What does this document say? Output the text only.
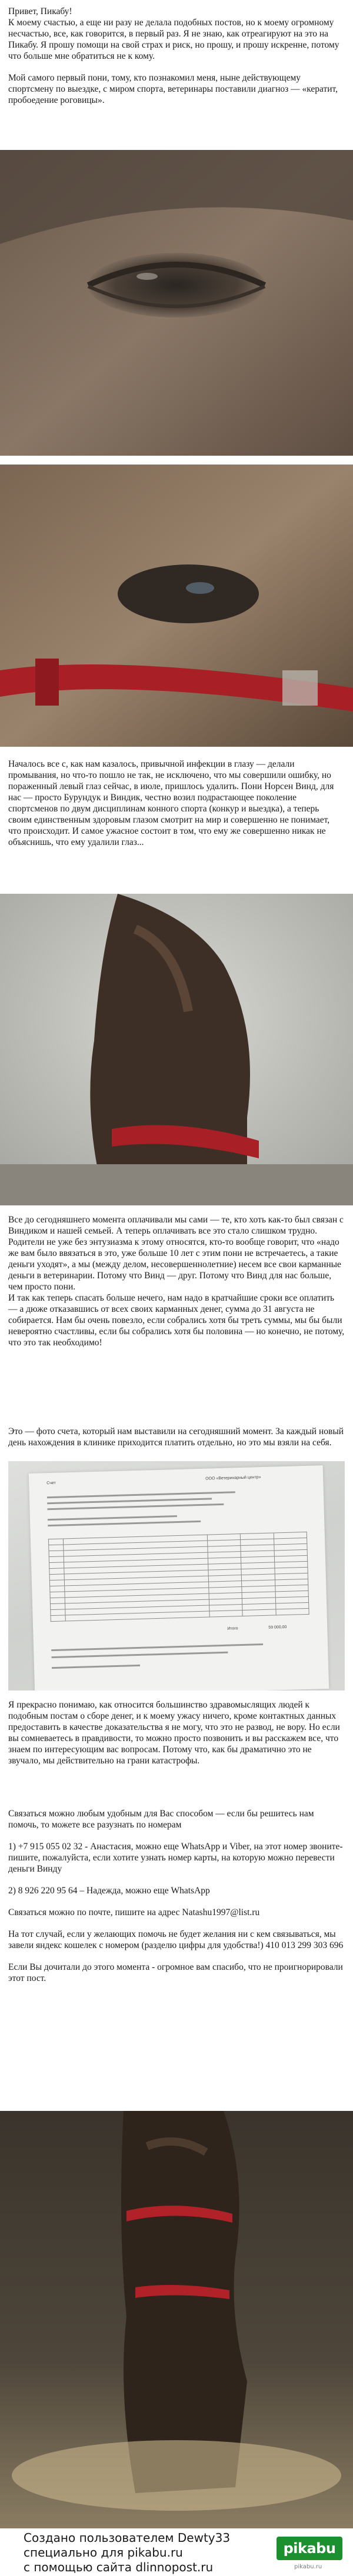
Привет, Пикабу!

К моему счастью, а еще ни разу не делала подобных постов, но к моему огромному несчастью, все, как говорится, в первый раз. Я не знаю, как отреагируют на это на Пикабу. Я прошу помощи на свой страх и риск, но прошу, и прошу искренне, потому что больше мне обратиться не к кому.

Мой самого первый пони, тому, кто познакомил меня, ныне действующему спортсмену по выездке, с миром спорта, ветеринары поставили диагноз — «кератит, пробоедение роговицы».

Началось все с, как нам казалось, привычной инфекции в глазу — делали промывания, но что-то пошло не так, не исключено, что мы совершили ошибку, но пораженный левый глаз сейчас, в июле, пришлось удалить. Пони Норсен Винд, для нас — просто Бурундук и Виндик, честно возил подрастающее поколение спортсменов по двум дисциплинам конного спорта (конкур и выездка), а теперь своим единственным здоровым глазом смотрит на мир и совершенно не понимает, что происходит. И самое ужасное состоит в том, что ему же совершенно никак не объяснишь, что ему удалили глаз...

Все до сегодняшнего момента оплачивали мы сами — те, кто хоть как-то был связан с Виндиком и нашей семьей. А теперь оплачивать все это стало слишком трудно. Родители не уже без энтузиазма к этому относятся, кто-то вообще говорит, что «надо же вам было ввязаться в это, уже больше 10 лет с этим пони не встречаетесь, а такие деньги уходят», а мы (между делом, несовершеннолетние) несем все свои карманные деньги в ветеринарии. Потому что Винд — друг. Потому что Винд для нас больше, чем просто пони.

И так как теперь спасать больше нечего, нам надо в кратчайшие сроки все оплатить — а дюже отказавшись от всех своих карманных денег, сумма до 31 августа не собирается. Нам бы очень повезло, если собрались хотя бы треть суммы, мы бы были невероятно счастливы, если бы собрались хотя бы половина — но конечно, не потому, что это так необходимо!

Это — фото счета, который нам выставили на сегодняшний момент. За каждый новый день нахождения в клинике приходится платить отдельно, но это мы взяли на себя.

Счет
ООО «Ветеринарный центр»

Итого	59 000,00

Я прекрасно понимаю, как относится большинство здравомыслящих людей к подобным постам о сборе денег, и к моему ужасу ничего, кроме контактных данных предоставить в качестве доказательства я не могу, что это не развод, не вору. Но если вы сомневаетесь в правдивости, то можно просто позвонить и вы расскажем все, что знаем по интересующим вас вопросам. Потому что, как бы драматично это не звучало, мы действительно на грани катастрофы.

Связаться можно любым удобным для Вас способом — если бы решитесь нам помочь, то можете все разузнать по номерам

1) +7 915 055 02 32 - Анастасия, можно еще WhatsApp и Viber, на этот номер звоните-пишите, пожалуйста, если хотите узнать номер карты, на которую можно перевести деньги Винду

2) 8 926 220 95 64 – Надежда, можно еще WhatsApp

Связаться можно по почте, пишите на адрес Natashu1997@list.ru

На тот случай, если у желающих помочь не будет желания ни с кем связываться, мы завели яндекс кошелек с номером (разделю цифры для удобства!) 410 013 299 303 696

Если Вы дочитали до этого момента - огромное вам спасибо, что не проигнорировали этот пост.

Создано пользователем Dewty33
специально для pikabu.ru
с помощью сайта dlinnopost.ru
pikabu
pikabu.ru
